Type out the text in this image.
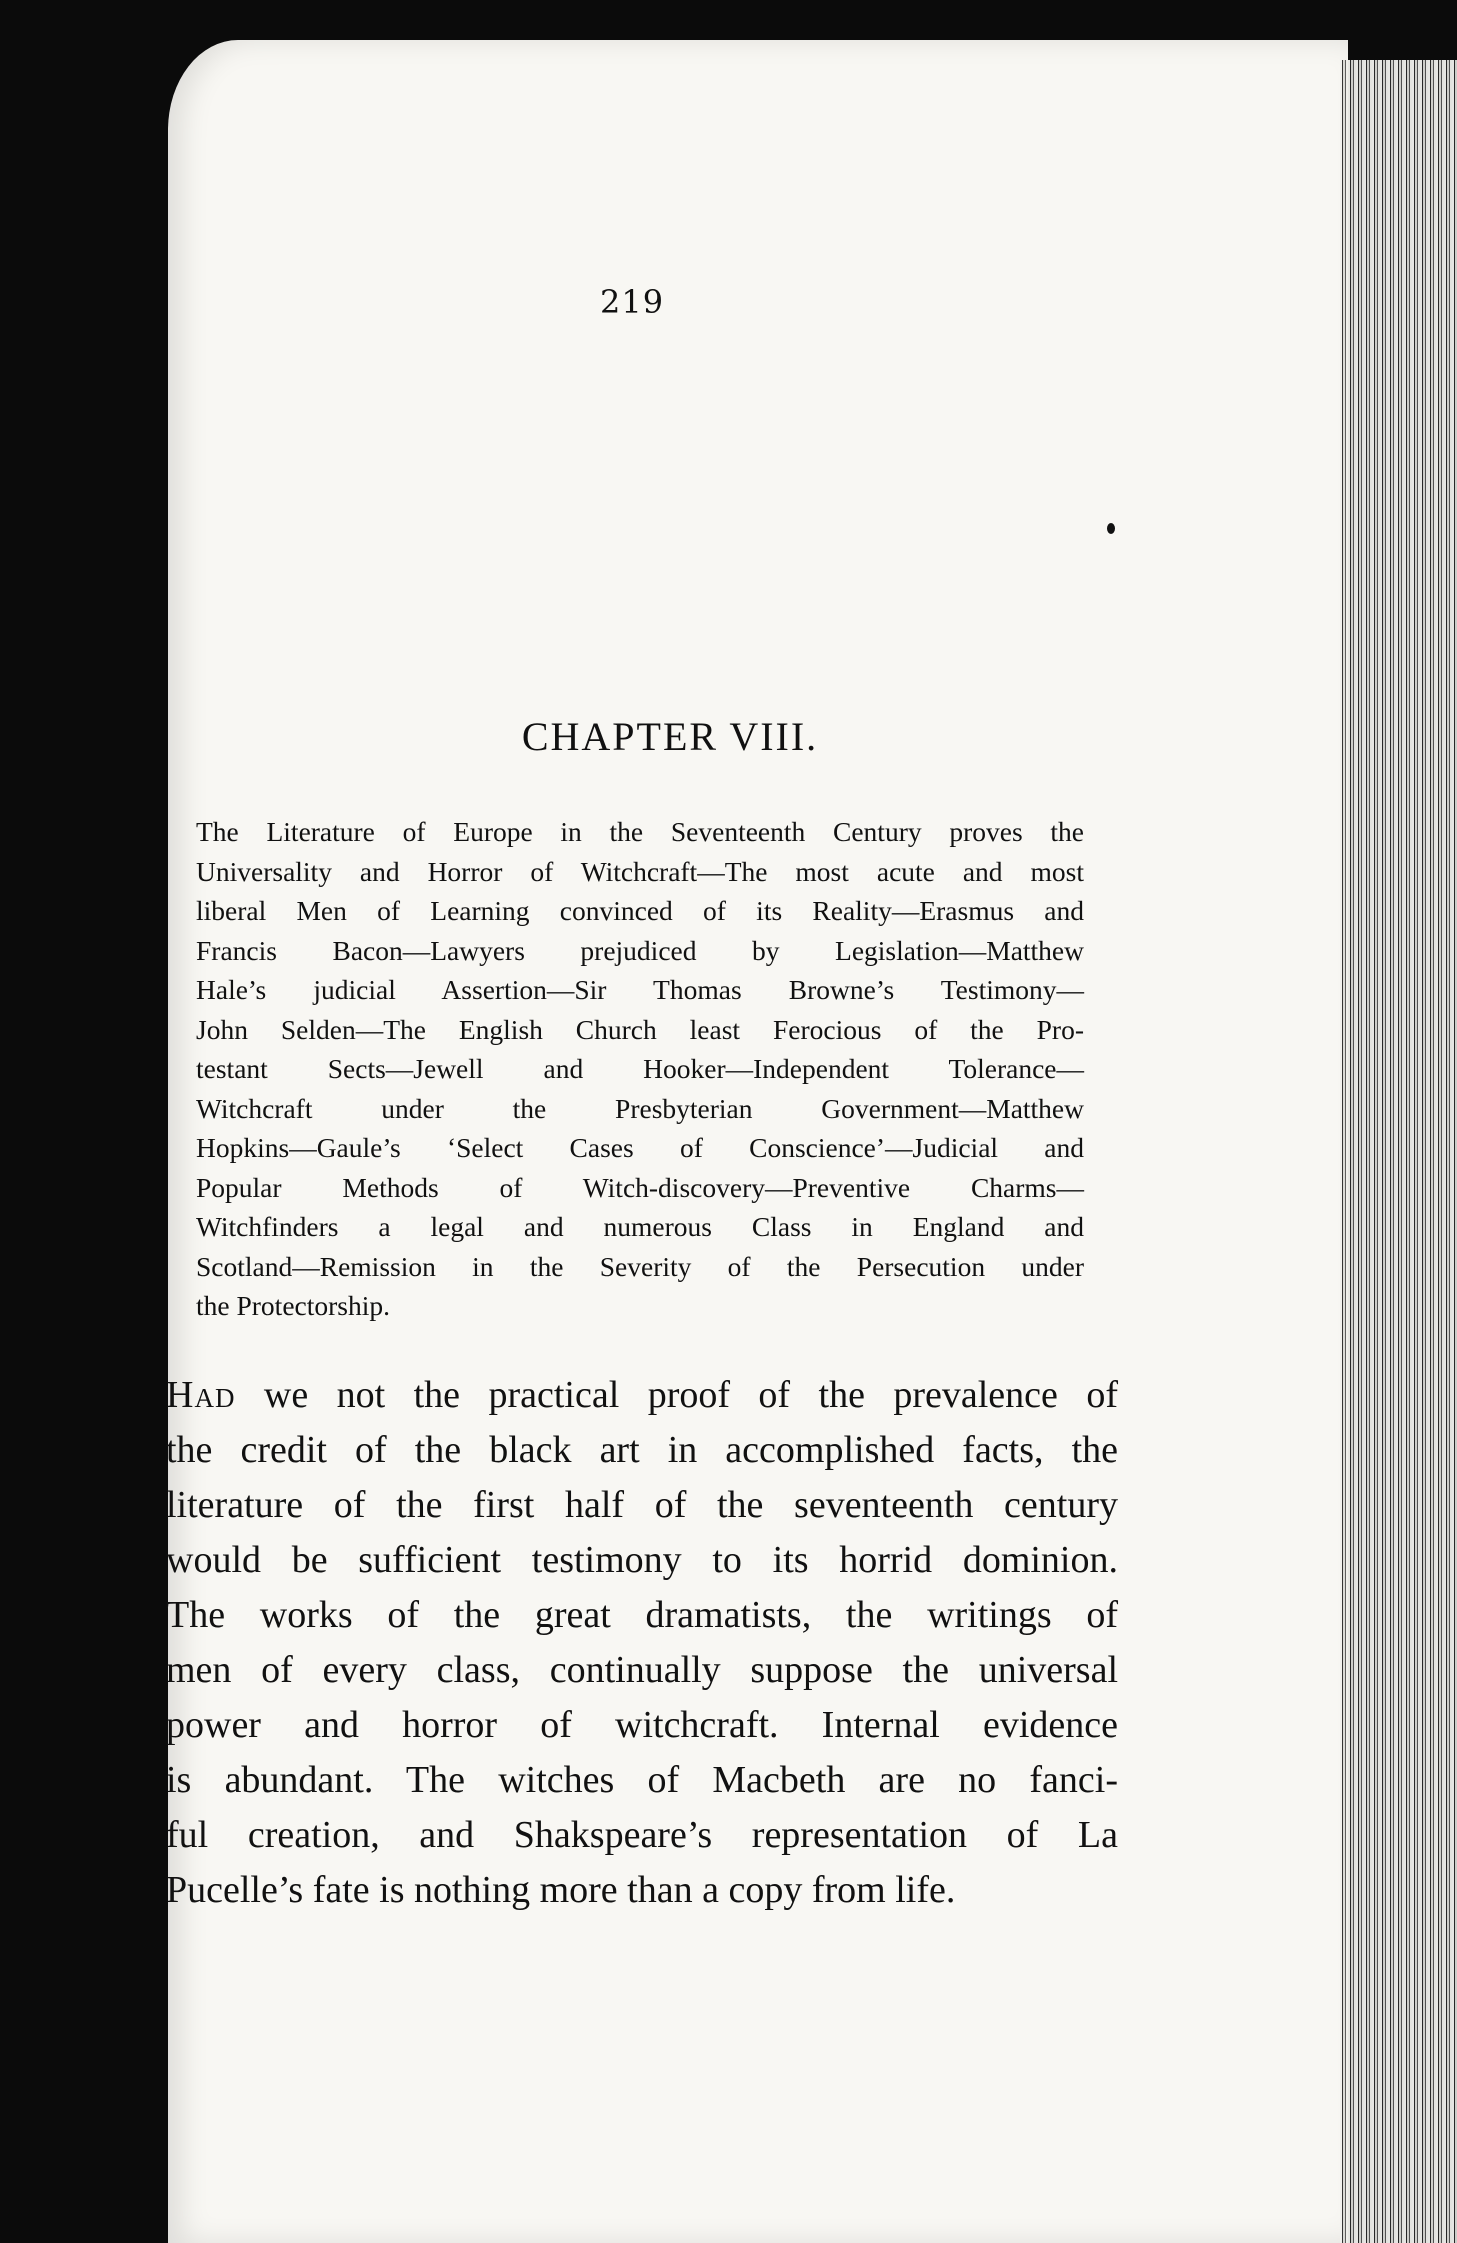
219
CHAPTER VIII.
The Literature of Europe in the Seventeenth Century proves the
Universality and Horror of Witchcraft—The most acute and most
liberal Men of Learning convinced of its Reality—Erasmus and
Francis Bacon—Lawyers prejudiced by Legislation—Matthew
Hale’s judicial Assertion—Sir Thomas Browne’s Testimony—
John Selden—The English Church least Ferocious of the Pro-
testant Sects—Jewell and Hooker—Independent Tolerance—
Witchcraft under the Presbyterian Government—Matthew
Hopkins—Gaule’s ‘Select Cases of Conscience’—Judicial and
Popular Methods of Witch-discovery—Preventive Charms—
Witchfinders a legal and numerous Class in England and
Scotland—Remission in the Severity of the Persecution under
the Protectorship.
Had we not the practical proof of the prevalence of
the credit of the black art in accomplished facts, the
literature of the first half of the seventeenth century
would be sufficient testimony to its horrid dominion.
The works of the great dramatists, the writings of
men of every class, continually suppose the universal
power and horror of witchcraft. Internal evidence
is abundant. The witches of Macbeth are no fanci-
ful creation, and Shakspeare’s representation of La
Pucelle’s fate is nothing more than a copy from life.
